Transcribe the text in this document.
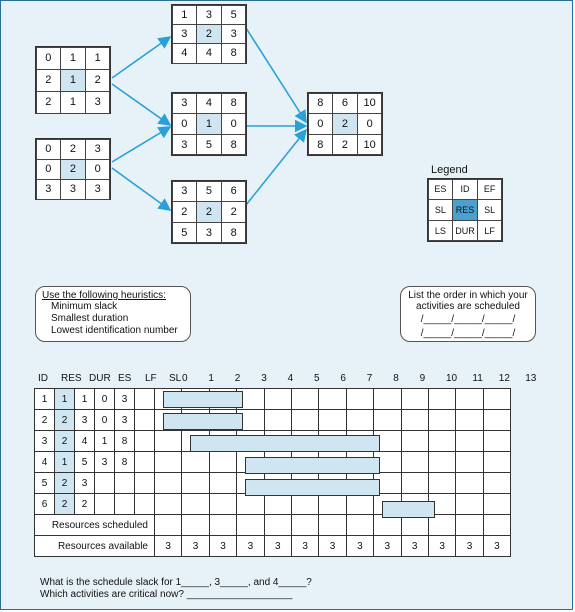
0	1	1
2	1	2
2	1	3
0	2	3
0	2	0
3	3	3
1	3	5
3	2	3
4	4	8
3	4	8
0	1	0
3	5	8
3	5	6
2	2	2
5	3	8
8	6	10
0	2	0
8	2	10
Legend
ES	ID	EF
SL	RES	SL
LS	DUR	LF
Use the following heuristics:
Minimum slack
Smallest duration
Lowest identification number
List the order in which your
activities are scheduled
/_____/_____/_____/
/_____/_____/_____/
ID RES DUR ES LF SL 0 1 2 3 4 5 6 7 8 9 10 11 12 13
1	1	1	0	3														
2	2	3	0	3														
3	2	4	1	8														
4	1	5	3	8														
5	2	3																
6	2	2																
Resources scheduled																		
Resources available						3	3	3	3	3	3	3	3	3	3	3	3	3
What is the schedule slack for 1_____, 3_____, and 4_____?
Which activities are critical now? ___________________
